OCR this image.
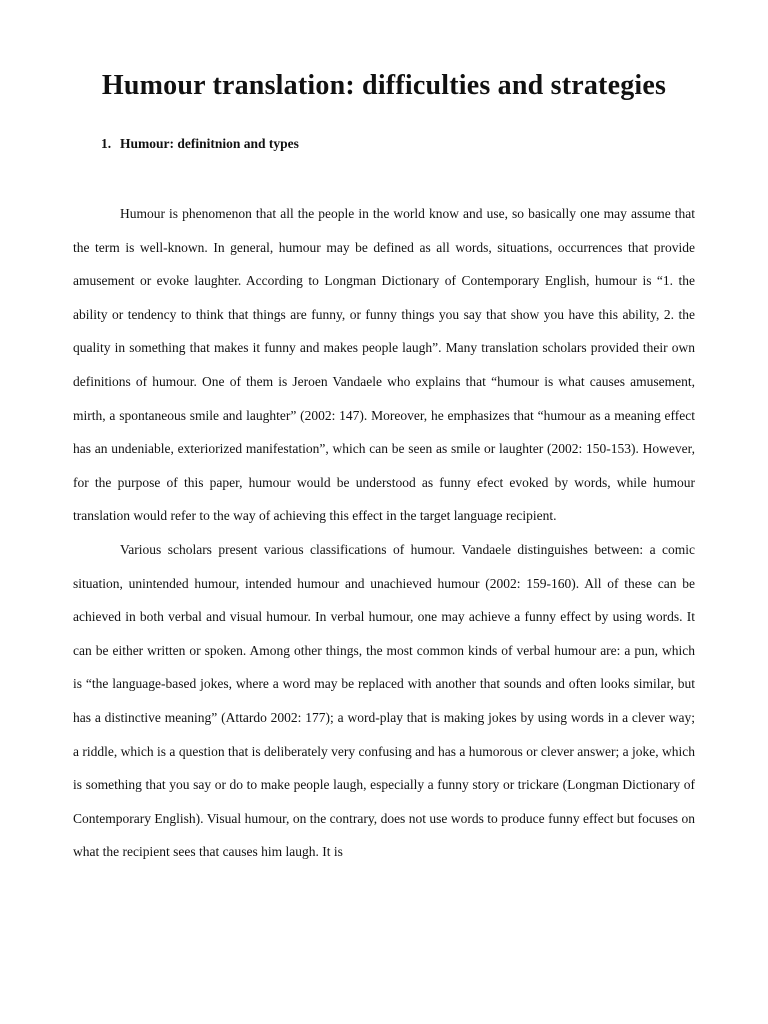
Humour translation: difficulties and strategies
1. Humour: definitnion and types

Humour is phenomenon that all the people in the world know and use, so basically one may assume that the term is well-known. In general, humour may be defined as all words, situations, occurrences that provide amusement or evoke laughter. According to Longman Dictionary of Contemporary English, humour is “1. the ability or tendency to think that things are funny, or funny things you say that show you have this ability, 2. the quality in something that makes it funny and makes people laugh”. Many translation scholars provided their own definitions of humour. One of them is Jeroen Vandaele who explains that “humour is what causes amusement, mirth, a spontaneous smile and laughter” (2002: 147). Moreover, he emphasizes that “humour as a meaning effect has an undeniable, exteriorized manifestation”, which can be seen as smile or laughter (2002: 150-153). However, for the purpose of this paper, humour would be understood as funny efect evoked by words, while humour translation would refer to the way of achieving this effect in the target language recipient.

Various scholars present various classifications of humour. Vandaele distinguishes between: a comic situation, unintended humour, intended humour and unachieved humour (2002: 159-160). All of these can be achieved in both verbal and visual humour. In verbal humour, one may achieve a funny effect by using words. It can be either written or spoken. Among other things, the most common kinds of verbal humour are: a pun, which is “the language-based jokes, where a word may be replaced with another that sounds and often looks similar, but has a distinctive meaning” (Attardo 2002: 177); a word-play that is making jokes by using words in a clever way; a riddle, which is a question that is deliberately very confusing and has a humorous or clever answer; a joke, which is something that you say or do to make people laugh, especially a funny story or trickare (Longman Dictionary of Contemporary English). Visual humour, on the contrary, does not use words to produce funny effect but focuses on what the recipient sees that causes him laugh. It is
